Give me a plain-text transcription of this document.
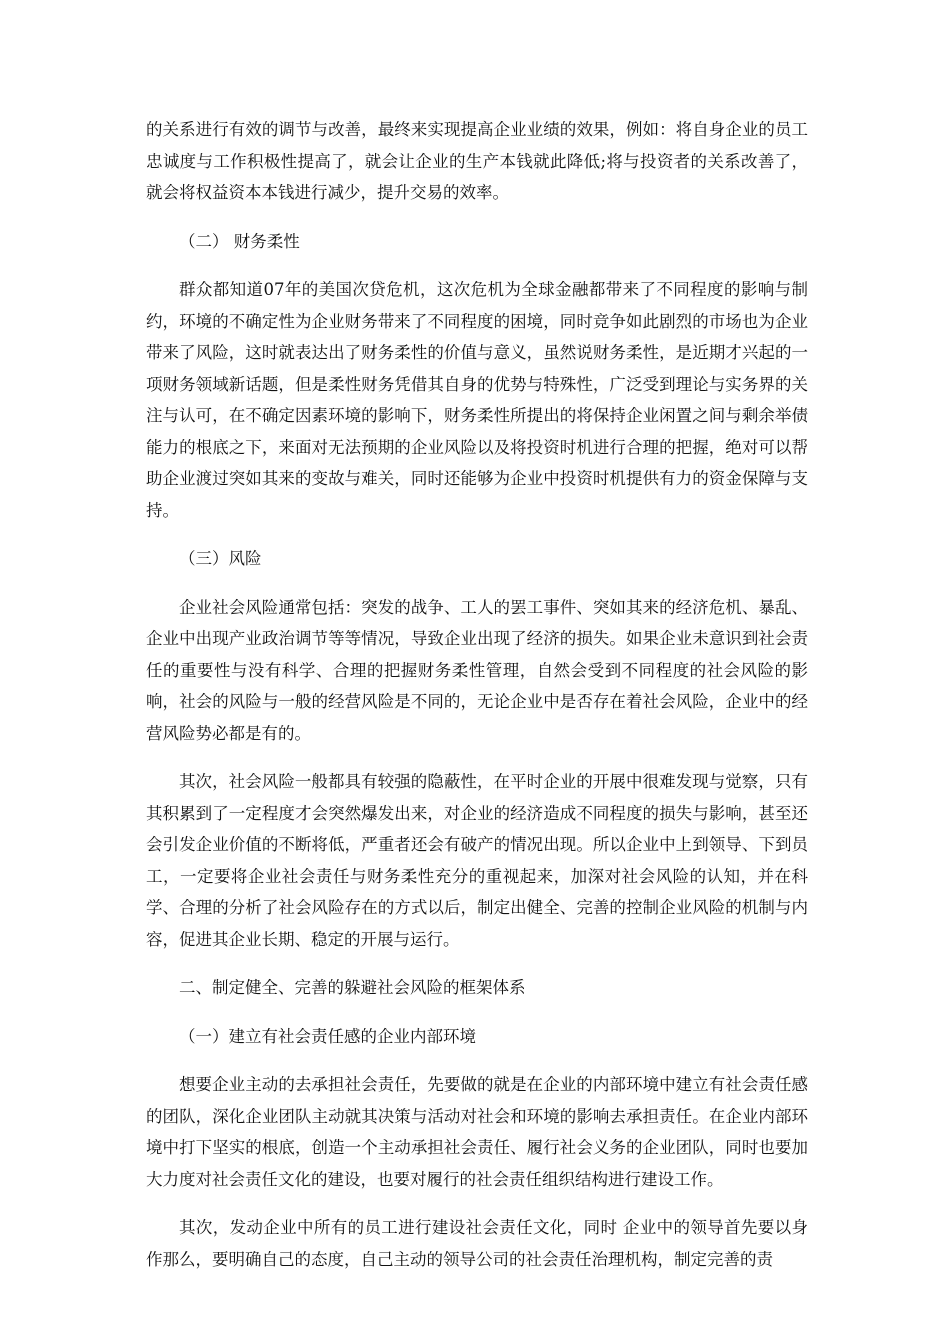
的关系进行有效的调节与改善，最终来实现提高企业业绩的效果，例如：将自身企业的员工忠诚度与工作积极性提高了，就会让企业的生产本钱就此降低;将与投资者的关系改善了，就会将权益资本本钱进行减少，提升交易的效率。

（二） 财务柔性

群众都知道07年的美国次贷危机，这次危机为全球金融都带来了不同程度的影响与制约，环境的不确定性为企业财务带来了不同程度的困境，同时竞争如此剧烈的市场也为企业带来了风险，这时就表达出了财务柔性的价值与意义，虽然说财务柔性，是近期才兴起的一项财务领域新话题，但是柔性财务凭借其自身的优势与特殊性，广泛受到理论与实务界的关注与认可，在不确定因素环境的影响下，财务柔性所提出的将保持企业闲置之间与剩余举债能力的根底之下，来面对无法预期的企业风险以及将投资时机进行合理的把握，绝对可以帮助企业渡过突如其来的变故与难关，同时还能够为企业中投资时机提供有力的资金保障与支持。

（三）风险

企业社会风险通常包括：突发的战争、工人的罢工事件、突如其来的经济危机、暴乱、企业中出现产业政治调节等等情况，导致企业出现了经济的损失。如果企业未意识到社会责任的重要性与没有科学、合理的把握财务柔性管理，自然会受到不同程度的社会风险的影响，社会的风险与一般的经营风险是不同的，无论企业中是否存在着社会风险，企业中的经营风险势必都是有的。

其次，社会风险一般都具有较强的隐蔽性，在平时企业的开展中很难发现与觉察，只有其积累到了一定程度才会突然爆发出来，对企业的经济造成不同程度的损失与影响，甚至还会引发企业价值的不断将低，严重者还会有破产的情况出现。所以企业中上到领导、下到员工，一定要将企业社会责任与财务柔性充分的重视起来，加深对社会风险的认知，并在科学、合理的分析了社会风险存在的方式以后，制定出健全、完善的控制企业风险的机制与内容，促进其企业长期、稳定的开展与运行。

二、制定健全、完善的躲避社会风险的框架体系

（一）建立有社会责任感的企业内部环境

想要企业主动的去承担社会责任，先要做的就是在企业的内部环境中建立有社会责任感的团队，深化企业团队主动就其决策与活动对社会和环境的影响去承担责任。在企业内部环境中打下坚实的根底，创造一个主动承担社会责任、履行社会义务的企业团队，同时也要加大力度对社会责任文化的建设，也要对履行的社会责任组织结构进行建设工作。

其次，发动企业中所有的员工进行建设社会责任文化，同时 企业中的领导首先要以身作那么，要明确自己的态度，自己主动的领导公司的社会责任治理机构，制定完善的责
